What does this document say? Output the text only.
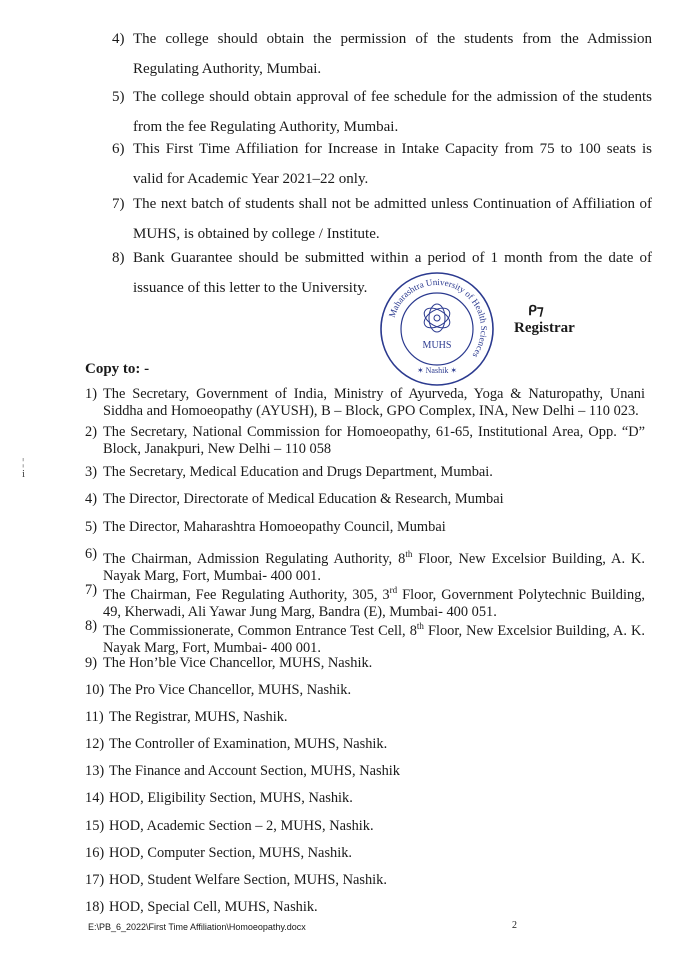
4) The college should obtain the permission of the students from the Admission Regulating Authority, Mumbai.
5) The college should obtain approval of fee schedule for the admission of the students from the fee Regulating Authority, Mumbai.
6) This First Time Affiliation for Increase in Intake Capacity from 75 to 100 seats is valid for Academic Year 2021–22 only.
7) The next batch of students shall not be admitted unless Continuation of Affiliation of MUHS, is obtained by college / Institute.
8) Bank Guarantee should be submitted within a period of 1 month from the date of issuance of this letter to the University.
Maharashtra University of Health Sciences
MUHS
✶ Nashik ✶
ᑭ⁊
Registrar
Copy to: -
1) The Secretary, Government of India, Ministry of Ayurveda, Yoga & Naturopathy, Unani Siddha and Homoeopathy (AYUSH), B – Block, GPO Complex, INA, New Delhi – 110 023.
2) The Secretary, National Commission for Homoeopathy, 61-65, Institutional Area, Opp. “D” Block, Janakpuri, New Delhi – 110 058
3) The Secretary, Medical Education and Drugs Department, Mumbai.
4) The Director, Directorate of Medical Education & Research, Mumbai
5) The Director, Maharashtra Homoeopathy Council, Mumbai
6) The Chairman, Admission Regulating Authority, 8th Floor, New Excelsior Building, A. K. Nayak Marg, Fort, Mumbai- 400 001.
7) The Chairman, Fee Regulating Authority, 305, 3rd Floor, Government Polytechnic Building, 49, Kherwadi, Ali Yawar Jung Marg, Bandra (E), Mumbai- 400 051.
8) The Commissionerate, Common Entrance Test Cell, 8th Floor, New Excelsior Building, A. K. Nayak Marg, Fort, Mumbai- 400 001.
9) The Hon’ble Vice Chancellor, MUHS, Nashik.
10) The Pro Vice Chancellor, MUHS, Nashik.
11) The Registrar, MUHS, Nashik.
12) The Controller of Examination, MUHS, Nashik.
13) The Finance and Account Section, MUHS, Nashik
14) HOD, Eligibility Section, MUHS, Nashik.
15) HOD, Academic Section – 2, MUHS, Nashik.
16) HOD, Computer Section, MUHS, Nashik.
17) HOD, Student Welfare Section, MUHS, Nashik.
18) HOD, Special Cell, MUHS, Nashik.
¦
i
E:\PB_6_2022\First Time Affiliation\Homoeopathy.docx	2
